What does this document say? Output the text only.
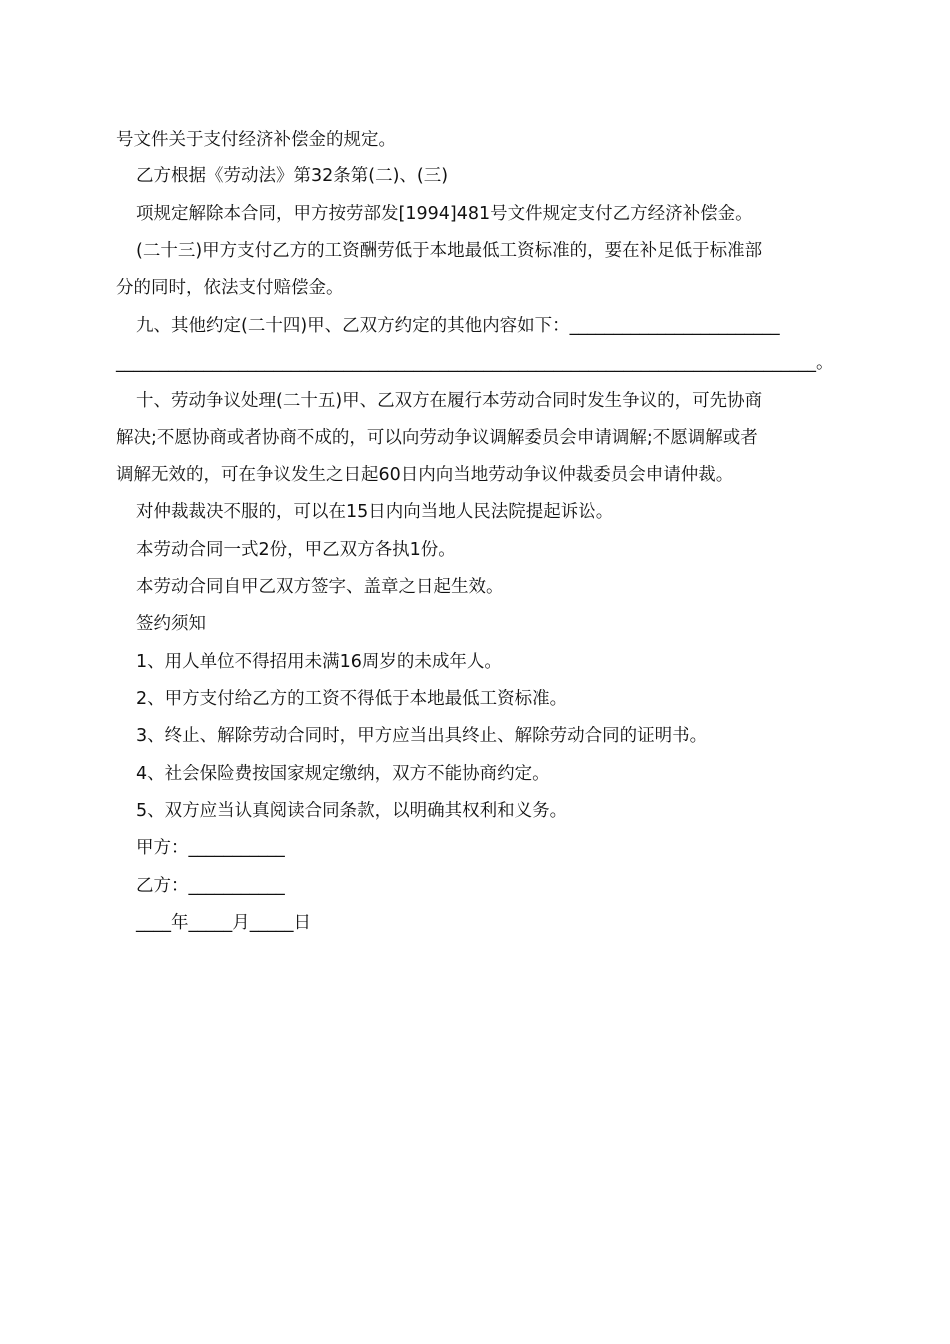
号文件关于支付经济补偿金的规定。
乙方根据《劳动法》第32条第(二)、(三)
项规定解除本合同，甲方按劳部发[1994]481号文件规定支付乙方经济补偿金。
(二十三)甲方支付乙方的工资酬劳低于本地最低工资标准的，要在补足低于标准部
分的同时，依法支付赔偿金。
九、其他约定(二十四)甲、乙双方约定的其他内容如下：________________________
________________________________________________________________________________。
十、劳动争议处理(二十五)甲、乙双方在履行本劳动合同时发生争议的，可先协商
解决;不愿协商或者协商不成的，可以向劳动争议调解委员会申请调解;不愿调解或者
调解无效的，可在争议发生之日起60日内向当地劳动争议仲裁委员会申请仲裁。
对仲裁裁决不服的，可以在15日内向当地人民法院提起诉讼。
本劳动合同一式2份，甲乙双方各执1份。
本劳动合同自甲乙双方签字、盖章之日起生效。
签约须知
1、用人单位不得招用未满16周岁的未成年人。
2、甲方支付给乙方的工资不得低于本地最低工资标准。
3、终止、解除劳动合同时，甲方应当出具终止、解除劳动合同的证明书。
4、社会保险费按国家规定缴纳，双方不能协商约定。
5、双方应当认真阅读合同条款，以明确其权利和义务。
甲方：___________
乙方：___________
____年_____月_____日
